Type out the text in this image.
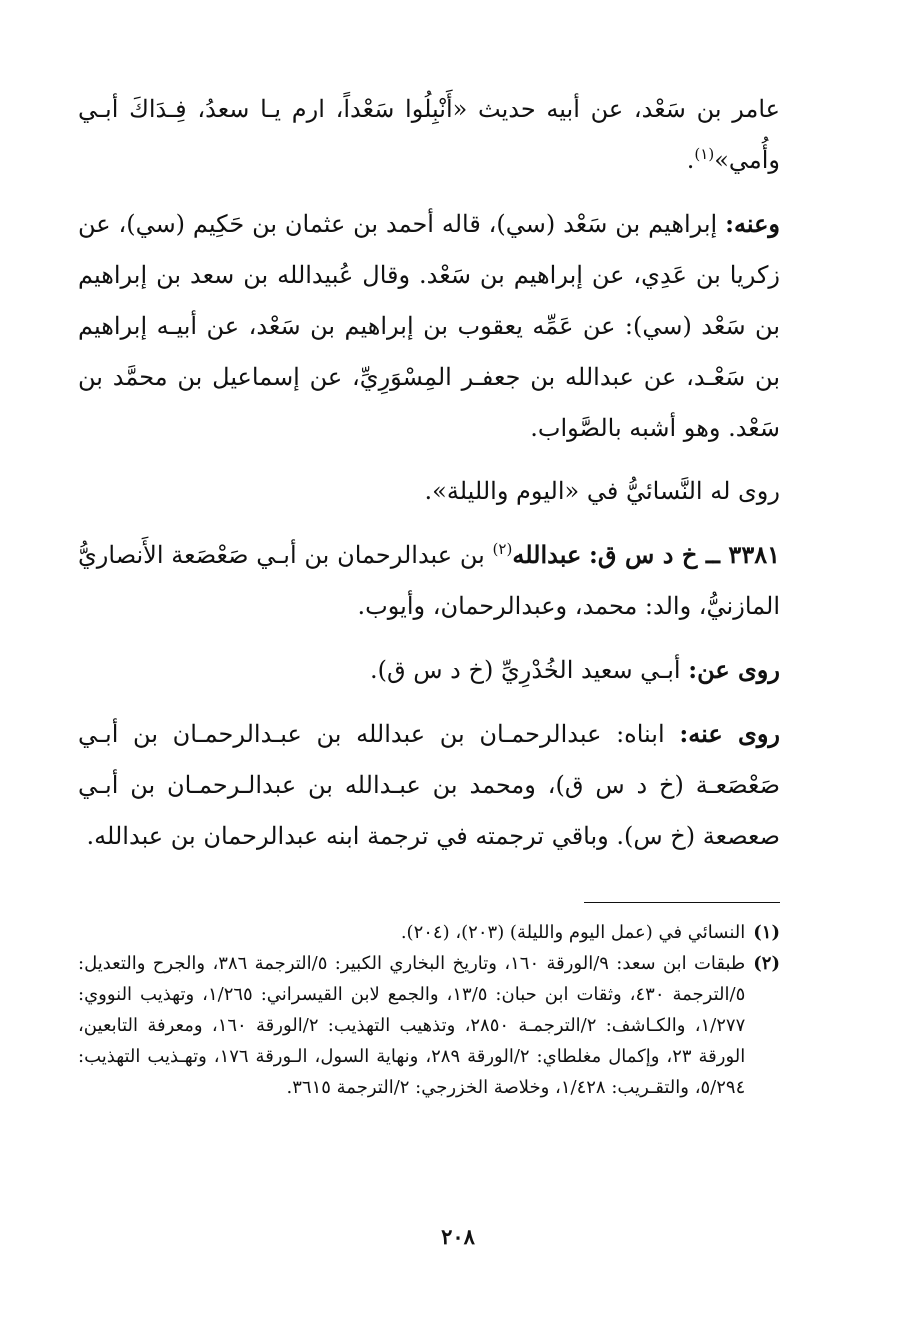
عامر بن سَعْد، عن أبيه حديث «أَنْبِلُوا سَعْداً، ارم يـا سعدُ، فِـدَاكَ أبـي وأُمي»$^{(١)}$.

وعنه: إبراهيم بن سَعْد (سي)، قاله أحمد بن عثمان بن حَكِيم (سي)، عن زكريا بن عَدِي، عن إبراهيم بن سَعْد. وقال عُبيدالله بن سعد بن إبراهيم بن سَعْد (سي): عن عَمِّه يعقوب بن إبراهيم بن سَعْد، عن أبيـه إبراهيم بن سَعْـد، عن عبدالله بن جعفـر المِسْوَرِيِّ، عن إسماعيل بن محمَّد بن سَعْد. وهو أشبه بالصَّواب.

روى له النَّسائيُّ في «اليوم والليلة».

٣٣٨١ ــ خ د س ق: عبدالله$^{(٢)}$ بن عبدالرحمان بن أبـي صَعْصَعة الأَنصاريُّ المازنيُّ، والد: محمد، وعبدالرحمان، وأيوب.

روى عن: أبـي سعيد الخُدْرِيِّ (خ د س ق).

روى عنه: ابناه: عبدالرحمـان بن عبدالله بن عبـدالرحمـان بن أبـي صَعْصَعـة (خ د س ق)، ومحمد بن عبـدالله بن عبدالـرحمـان بن أبـي صعصعة (خ س). وباقي ترجمته في ترجمة ابنه عبدالرحمان بن عبدالله.

(١)
النسائي في (عمل اليوم والليلة) (٢٠٣)، (٢٠٤).

(٢)
طبقات ابن سعد: ٩/الورقة ١٦٠، وتاريخ البخاري الكبير: ٥/الترجمة ٣٨٦، والجرح والتعديل: ٥/الترجمة ٤٣٠، وثقات ابن حبان: ١٣/٥، والجمع لابن القيسراني: ١/٢٦٥، وتهذيب النووي: ١/٢٧٧، والكـاشف: ٢/الترجمـة ٢٨٥٠، وتذهيب التهذيب: ٢/الورقة ١٦٠، ومعرفة التابعين، الورقة ٢٣، وإكمال مغلطاي: ٢/الورقة ٢٨٩، ونهاية السول، الـورقة ١٧٦، وتهـذيب التهذيب: ٥/٢٩٤، والتقـريب: ١/٤٢٨، وخلاصة الخزرجي: ٢/الترجمة ٣٦١٥.

٢٠٨
